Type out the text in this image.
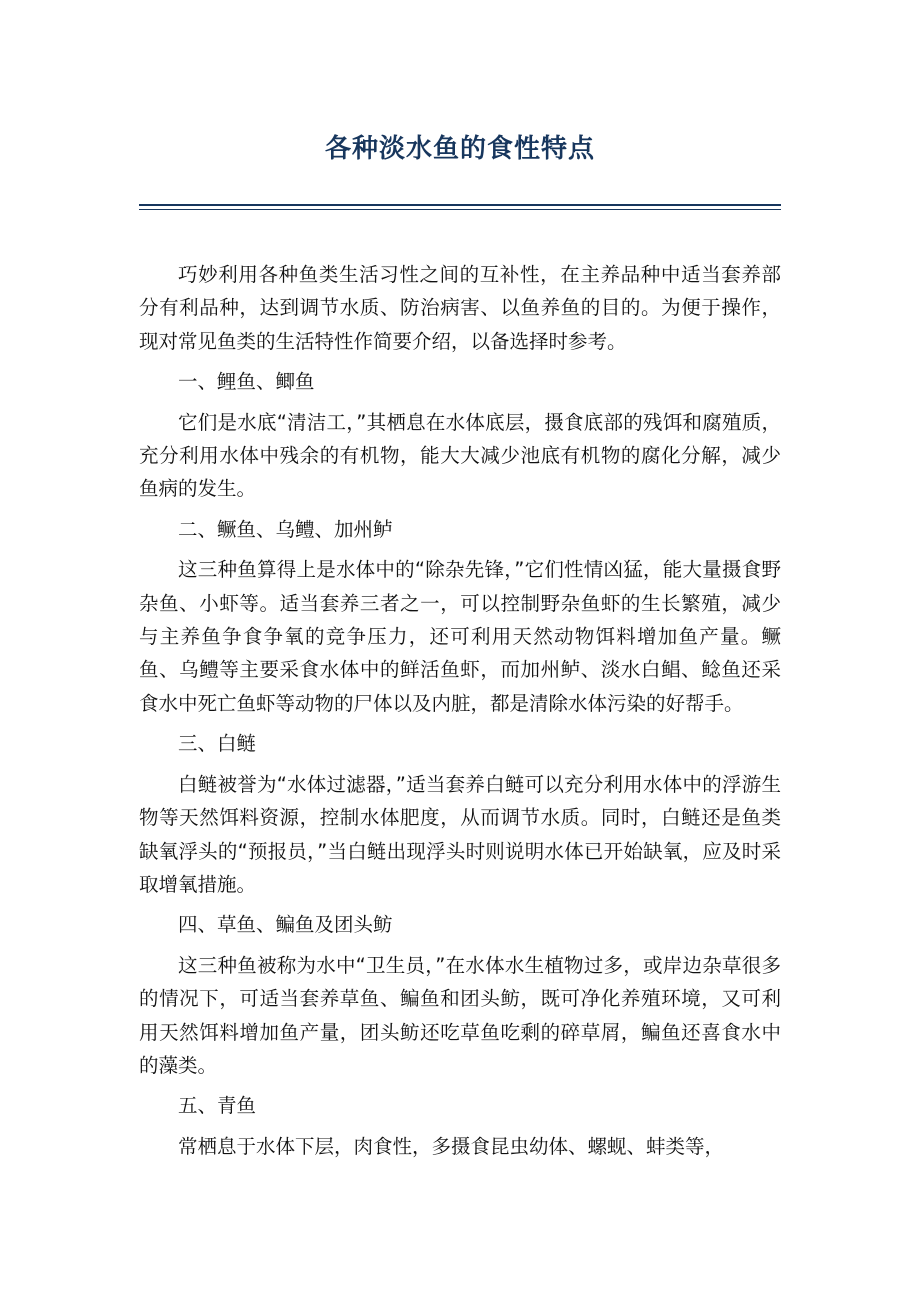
各种淡水鱼的食性特点

巧妙利用各种鱼类生活习性之间的互补性，在主养品种中适当套养部分有利品种，达到调节水质、防治病害、以鱼养鱼的目的。为便于操作，现对常见鱼类的生活特性作简要介绍，以备选择时参考。

一、鲤鱼、鲫鱼

它们是水底“清洁工，”其栖息在水体底层，摄食底部的残饵和腐殖质，充分利用水体中残余的有机物，能大大减少池底有机物的腐化分解，减少鱼病的发生。

二、鳜鱼、乌鳢、加州鲈

这三种鱼算得上是水体中的“除杂先锋，”它们性情凶猛，能大量摄食野杂鱼、小虾等。适当套养三者之一，可以控制野杂鱼虾的生长繁殖，减少与主养鱼争食争氧的竞争压力，还可利用天然动物饵料增加鱼产量。鳜鱼、乌鳢等主要采食水体中的鲜活鱼虾，而加州鲈、淡水白鲳、鲶鱼还采食水中死亡鱼虾等动物的尸体以及内脏，都是清除水体污染的好帮手。

三、白鲢

白鲢被誉为“水体过滤器，”适当套养白鲢可以充分利用水体中的浮游生物等天然饵料资源，控制水体肥度，从而调节水质。同时，白鲢还是鱼类缺氧浮头的“预报员，”当白鲢出现浮头时则说明水体已开始缺氧，应及时采取增氧措施。

四、草鱼、鳊鱼及团头鲂

这三种鱼被称为水中“卫生员，”在水体水生植物过多，或岸边杂草很多的情况下，可适当套养草鱼、鳊鱼和团头鲂，既可净化养殖环境，又可利用天然饵料增加鱼产量，团头鲂还吃草鱼吃剩的碎草屑，鳊鱼还喜食水中的藻类。

五、青鱼

常栖息于水体下层，肉食性，多摄食昆虫幼体、螺蚬、蚌类等，
